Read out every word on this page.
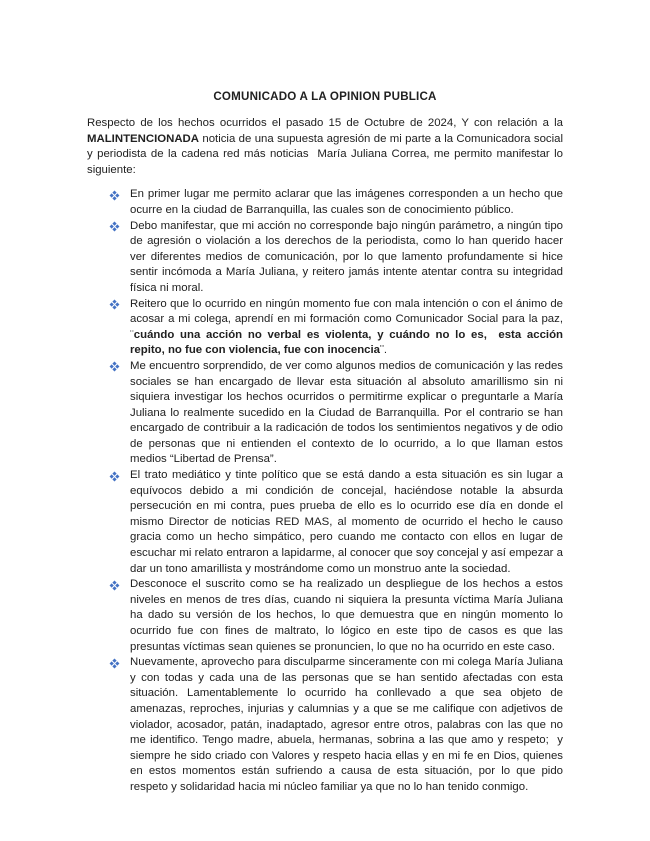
COMUNICADO A LA OPINION PUBLICA

Respecto de los hechos ocurridos el pasado 15 de Octubre de 2024, Y con relación a la MALINTENCIONADA noticia de una supuesta agresión de mi parte a la Comunicadora social y periodista de la cadena red más noticias  María Juliana Correa, me permito manifestar lo siguiente:

En primer lugar me permito aclarar que las imágenes corresponden a un hecho que ocurre en la ciudad de Barranquilla, las cuales son de conocimiento público.
Debo manifestar, que mi acción no corresponde bajo ningún parámetro, a ningún tipo de agresión o violación a los derechos de la periodista, como lo han querido hacer ver diferentes medios de comunicación, por lo que lamento profundamente si hice sentir incómoda a María Juliana, y reitero jamás intente atentar contra su integridad física ni moral.
Reitero que lo ocurrido en ningún momento fue con mala intención o con el ánimo de acosar a mi colega, aprendí en mi formación como Comunicador Social para la paz, ¨cuándo una acción no verbal es violenta, y cuándo no lo es,  esta acción repito, no fue con violencia, fue con inocencia¨.
Me encuentro sorprendido, de ver como algunos medios de comunicación y las redes sociales se han encargado de llevar esta situación al absoluto amarillismo sin ni siquiera investigar los hechos ocurridos o permitirme explicar o preguntarle a María Juliana lo realmente sucedido en la Ciudad de Barranquilla. Por el contrario se han encargado de contribuir a la radicación de todos los sentimientos negativos y de odio de personas que ni entienden el contexto de lo ocurrido, a lo que llaman estos medios “Libertad de Prensa”.
El trato mediático y tinte político que se está dando a esta situación es sin lugar a equívocos debido a mi condición de concejal, haciéndose notable la absurda persecución en mi contra, pues prueba de ello es lo ocurrido ese día en donde el mismo Director de noticias RED MAS, al momento de ocurrido el hecho le causo gracia como un hecho simpático, pero cuando me contacto con ellos en lugar de escuchar mi relato entraron a lapidarme, al conocer que soy concejal y así empezar a dar un tono amarillista y mostrándome como un monstruo ante la sociedad.
Desconoce el suscrito como se ha realizado un despliegue de los hechos a estos niveles en menos de tres días, cuando ni siquiera la presunta víctima María Juliana ha dado su versión de los hechos, lo que demuestra que en ningún momento lo ocurrido fue con fines de maltrato, lo lógico en este tipo de casos es que las presuntas víctimas sean quienes se pronuncien, lo que no ha ocurrido en este caso.
Nuevamente, aprovecho para disculparme sinceramente con mi colega María Juliana y con todas y cada una de las personas que se han sentido afectadas con esta situación. Lamentablemente lo ocurrido ha conllevado a que sea objeto de amenazas, reproches, injurias y calumnias y a que se me califique con adjetivos de violador, acosador, patán, inadaptado, agresor entre otros, palabras con las que no me identifico. Tengo madre, abuela, hermanas, sobrina a las que amo y respeto;  y siempre he sido criado con Valores y respeto hacia ellas y en mi fe en Dios, quienes en estos momentos están sufriendo a causa de esta situación, por lo que pido respeto y solidaridad hacia mi núcleo familiar ya que no lo han tenido conmigo.
